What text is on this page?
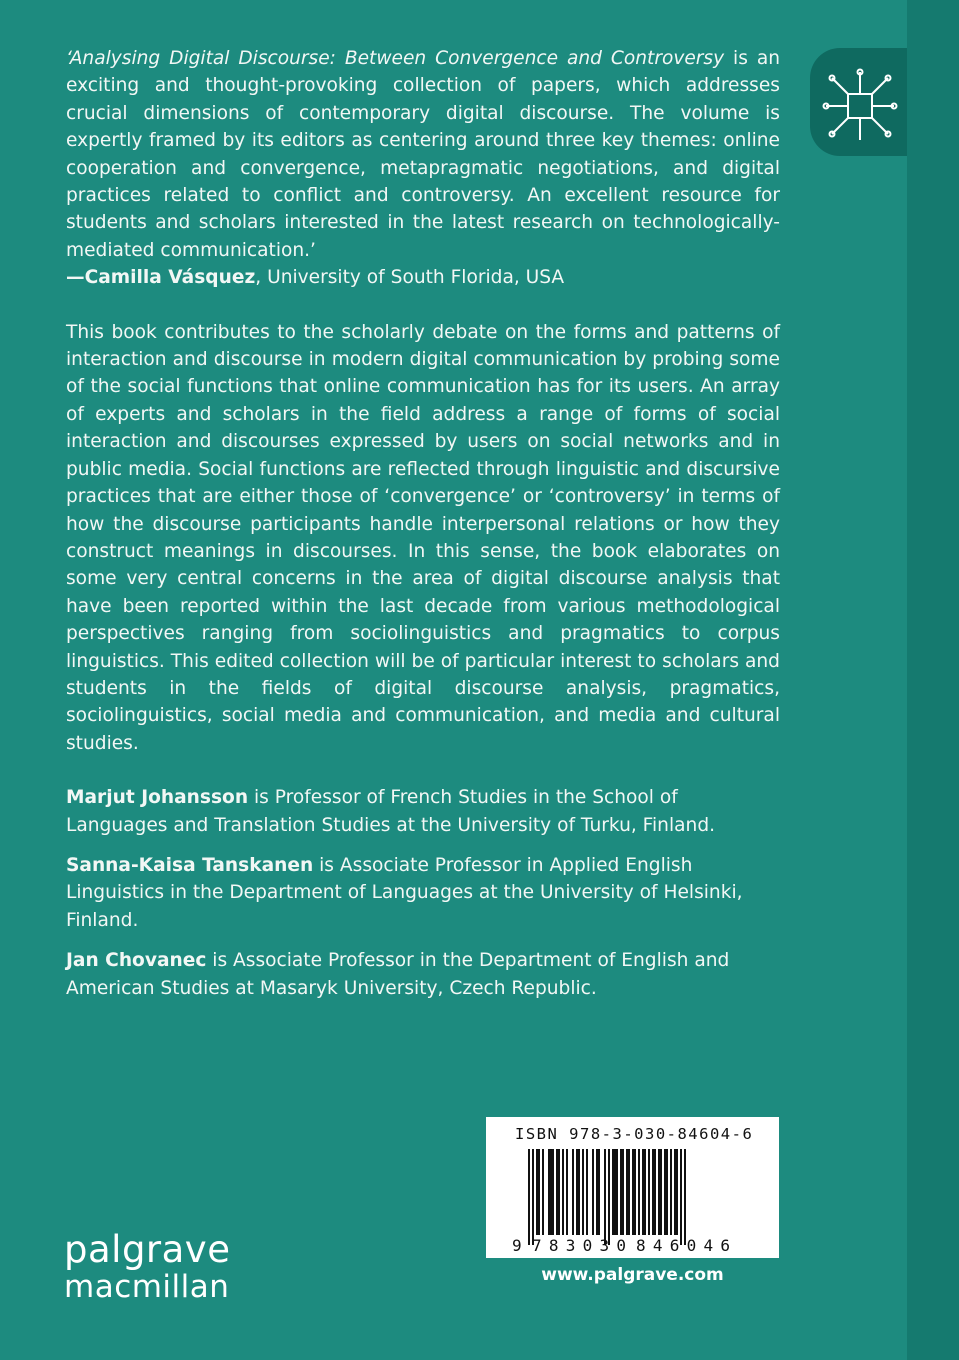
‘Analysing Digital Discourse: Between Convergence and Controversy is an exciting and thought-provoking collection of papers, which addresses crucial dimensions of contemporary digital discourse. The volume is expertly framed by its editors as centering around three key themes: online cooperation and convergence, metapragmatic negotiations, and digital practices related to conflict and controversy. An excellent resource for students and scholars interested in the latest research on technologically-mediated communication.’

—Camilla Vásquez, University of South Florida, USA

This book contributes to the scholarly debate on the forms and patterns of interaction and discourse in modern digital communication by probing some of the social functions that online communication has for its users. An array of experts and scholars in the field address a range of forms of social interaction and discourses expressed by users on social networks and in public media. Social functions are reflected through linguistic and discursive practices that are either those of ‘convergence’ or ‘controversy’ in terms of how the discourse participants handle interpersonal relations or how they construct meanings in discourses. In this sense, the book elaborates on some very central concerns in the area of digital discourse analysis that have been reported within the last decade from various methodological perspectives ranging from sociolinguistics and pragmatics to corpus linguistics. This edited collection will be of particular interest to scholars and students in the fields of digital discourse analysis, pragmatics, sociolinguistics, social media and communication, and media and cultural studies.

Marjut Johansson is Professor of French Studies in the School of Languages and Translation Studies at the University of Turku, Finland.

Sanna-Kaisa Tanskanen is Associate Professor in Applied English Linguistics in the Department of Languages at the University of Helsinki, Finland.

Jan Chovanec is Associate Professor in the Department of English and American Studies at Masaryk University, Czech Republic.

palgrave
macmillan
ISBN 978-3-030-84604-6
9 783030 846046
www.palgrave.com
